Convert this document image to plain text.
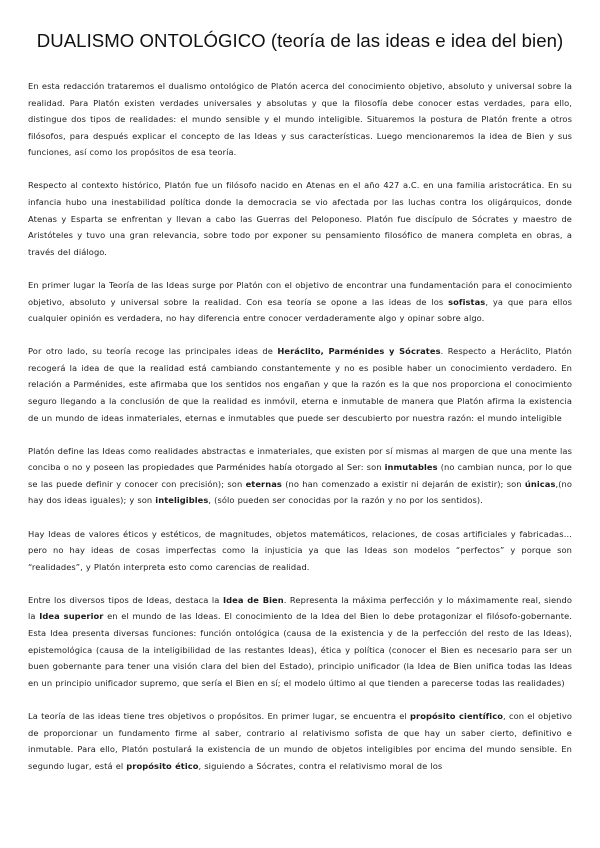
DUALISMO ONTOLÓGICO (teoría de las ideas e idea del bien)

En esta redacción trataremos el dualismo ontológico de Platón acerca del conocimiento objetivo, absoluto y universal sobre la realidad. Para Platón existen verdades universales y absolutas y que la filosofía debe conocer estas verdades, para ello, distingue dos tipos de realidades: el mundo sensible y el mundo inteligible. Situaremos la postura de Platón frente a otros filósofos, para después explicar el concepto de las Ideas y sus características. Luego mencionaremos la idea de Bien y sus funciones, así como los propósitos de esa teoría.

Respecto al contexto histórico, Platón fue un filósofo nacido en Atenas en el año 427 a.C. en una familia aristocrática. En su infancia hubo una inestabilidad política donde la democracia se vio afectada por las luchas contra los oligárquicos, donde Atenas y Esparta se enfrentan y llevan a cabo las Guerras del Peloponeso. Platón fue discípulo de Sócrates y maestro de Aristóteles y tuvo una gran relevancia, sobre todo por exponer su pensamiento filosófico de manera completa en obras, a través del diálogo.

En primer lugar la Teoría de las Ideas surge por Platón con el objetivo de encontrar una fundamentación para el conocimiento objetivo, absoluto y universal sobre la realidad. Con esa teoría se opone a las ideas de los sofistas, ya que para ellos cualquier opinión es verdadera, no hay diferencia entre conocer verdaderamente algo y opinar sobre algo.

Por otro lado, su teoría recoge las principales ideas de Heráclito, Parménides y Sócrates. Respecto a Heráclito, Platón recogerá la idea de que la realidad está cambiando constantemente y no es posible haber un conocimiento verdadero. En relación a Parménides, este afirmaba que los sentidos nos engañan y que la razón es la que nos proporciona el conocimiento seguro llegando a la conclusión de que la realidad es inmóvil, eterna e inmutable de manera que Platón afirma la existencia de un mundo de ideas inmateriales, eternas e inmutables que puede ser descubierto por nuestra razón: el mundo inteligible

Platón define las Ideas como realidades abstractas e inmateriales, que existen por sí mismas al margen de que una mente las conciba o no y poseen las propiedades que Parménides había otorgado al Ser: son inmutables (no cambian nunca, por lo que se las puede definir y conocer con precisión); son eternas (no han comenzado a existir ni dejarán de existir); son únicas,(no hay dos ideas iguales); y son inteligibles, (sólo pueden ser conocidas por la razón y no por los sentidos).

Hay Ideas de valores éticos y estéticos, de magnitudes, objetos matemáticos, relaciones, de cosas artificiales y fabricadas… pero no hay ideas de cosas imperfectas como la injusticia ya que las Ideas son modelos “perfectos” y porque son “realidades”, y Platón interpreta esto como carencias de realidad.

Entre los diversos tipos de Ideas, destaca la Idea de Bien. Representa la máxima perfección y lo máximamente real, siendo la Idea superior en el mundo de las Ideas. El conocimiento de la Idea del Bien lo debe protagonizar el filósofo-gobernante. Esta Idea presenta diversas funciones: función ontológica (causa de la existencia y de la perfección del resto de las Ideas), epistemológica (causa de la inteligibilidad de las restantes Ideas), ética y política (conocer el Bien es necesario para ser un buen gobernante para tener una visión clara del bien del Estado), principio unificador (la Idea de Bien unifica todas las Ideas en un principio unificador supremo, que sería el Bien en sí; el modelo último al que tienden a parecerse todas las realidades)

La teoría de las ideas tiene tres objetivos o propósitos. En primer lugar, se encuentra el propósito científico, con el objetivo de proporcionar un fundamento firme al saber, contrario al relativismo sofista de que hay un saber cierto, definitivo e inmutable. Para ello, Platón postulará la existencia de un mundo de objetos inteligibles por encima del mundo sensible. En segundo lugar, está el propósito ético, siguiendo a Sócrates, contra el relativismo moral de los
